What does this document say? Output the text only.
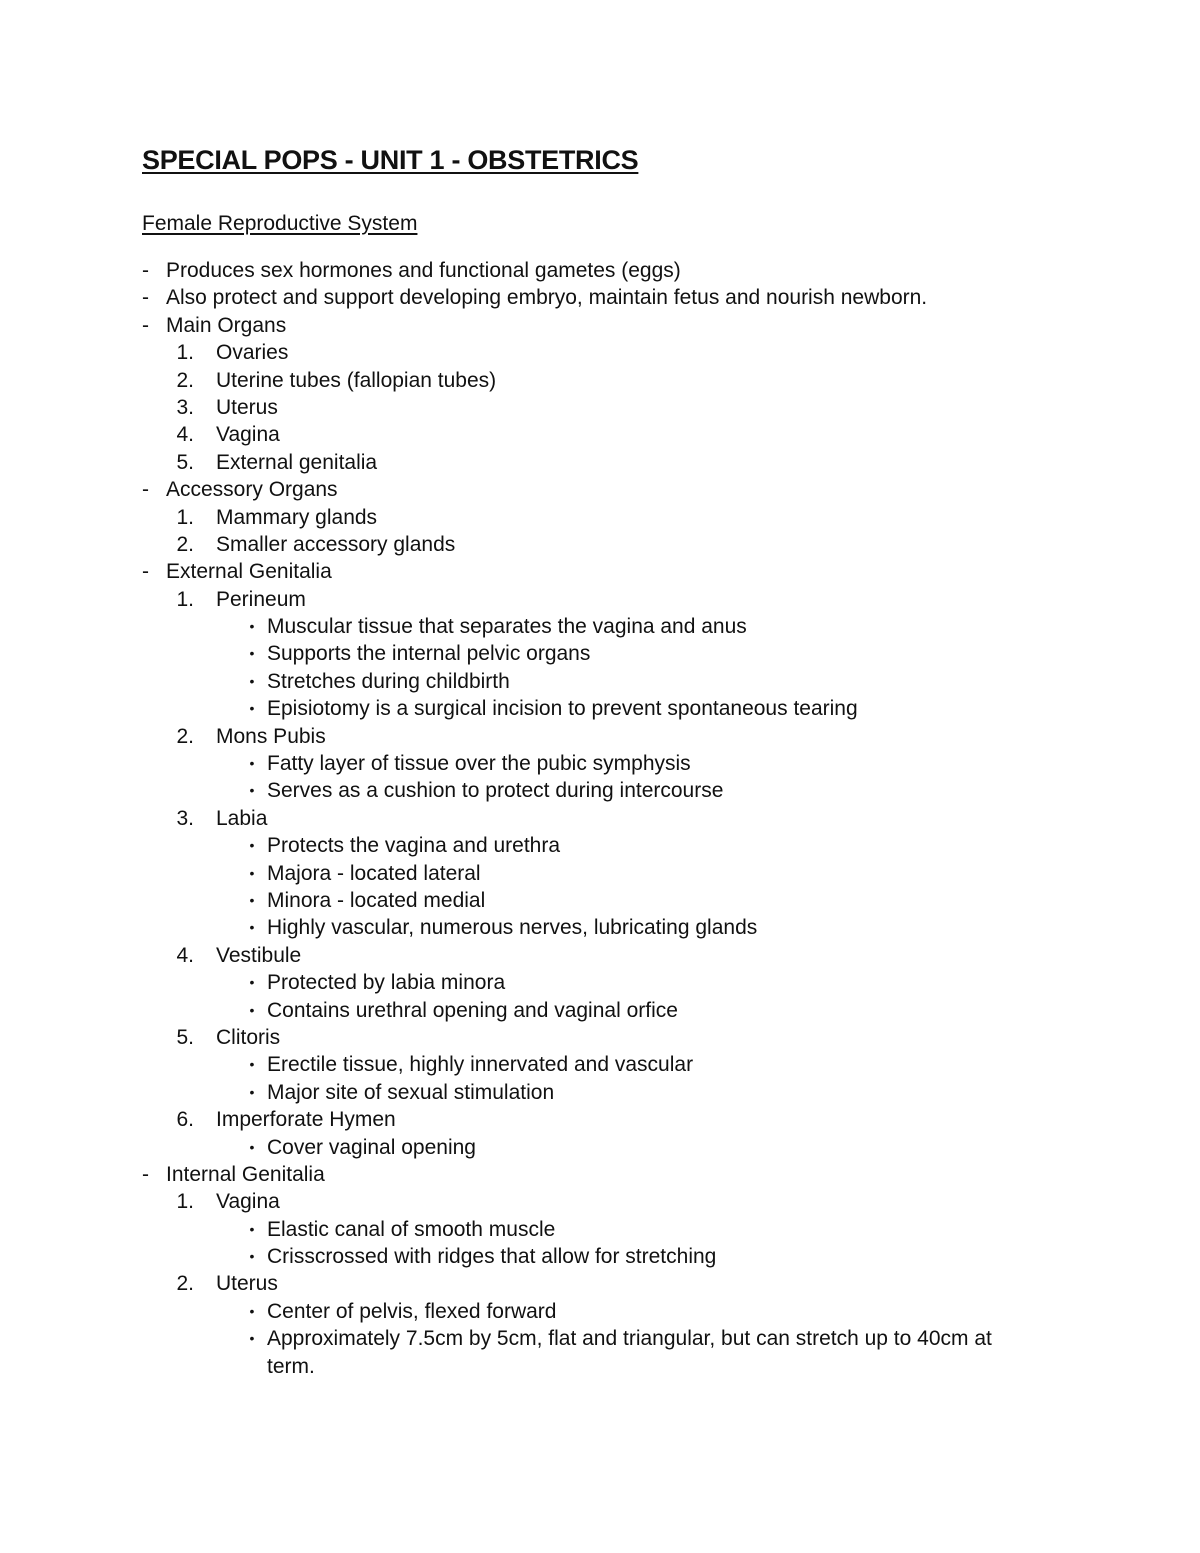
SPECIAL POPS - UNIT 1 - OBSTETRICS
Female Reproductive System
- Produces sex hormones and functional gametes (eggs)
- Also protect and support developing embryo, maintain fetus and nourish newborn.
- Main Organs
1. Ovaries
2. Uterine tubes (fallopian tubes)
3. Uterus
4. Vagina
5. External genitalia
- Accessory Organs
1. Mammary glands
2. Smaller accessory glands
- External Genitalia
1. Perineum
• Muscular tissue that separates the vagina and anus
• Supports the internal pelvic organs
• Stretches during childbirth
• Episiotomy is a surgical incision to prevent spontaneous tearing
2. Mons Pubis
• Fatty layer of tissue over the pubic symphysis
• Serves as a cushion to protect during intercourse
3. Labia
• Protects the vagina and urethra
• Majora - located lateral
• Minora - located medial
• Highly vascular, numerous nerves, lubricating glands
4. Vestibule
• Protected by labia minora
• Contains urethral opening and vaginal orfice
5. Clitoris
• Erectile tissue, highly innervated and vascular
• Major site of sexual stimulation
6. Imperforate Hymen
• Cover vaginal opening
- Internal Genitalia
1. Vagina
• Elastic canal of smooth muscle
• Crisscrossed with ridges that allow for stretching
2. Uterus
• Center of pelvis, flexed forward
• Approximately 7.5cm by 5cm, flat and triangular, but can stretch up to 40cm at term.
